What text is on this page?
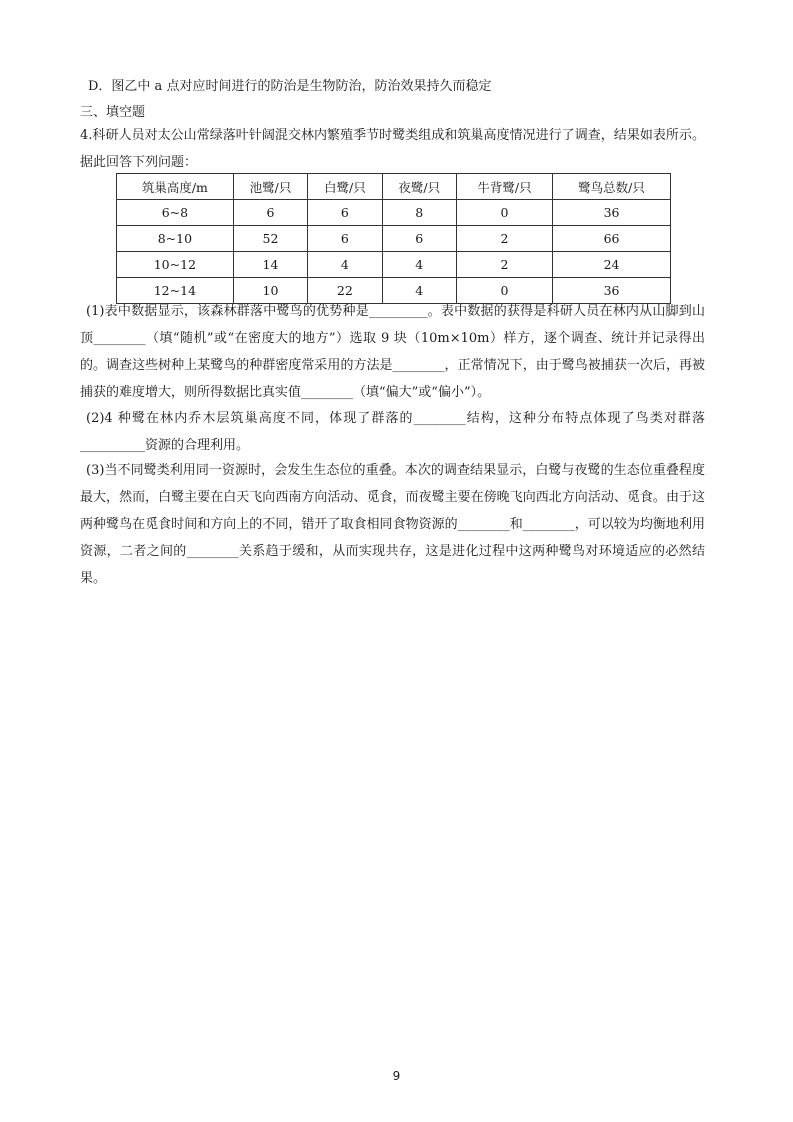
D．图乙中 a 点对应时间进行的防治是生物防治，防治效果持久而稳定
三、填空题
4.科研人员对太公山常绿落叶针阔混交林内繁殖季节时鹭类组成和筑巢高度情况进行了调查，结果如表所示。据此回答下列问题：
筑巢高度/m	池鹭/只	白鹭/只	夜鹭/只	牛背鹭/只	鹭鸟总数/只
6~8	6	6	8	0	36
8~10	52	6	6	2	66
10~12	14	4	4	2	24
12~14	10	22	4	0	36
(1)表中数据显示，该森林群落中鹭鸟的优势种是_________。表中数据的获得是科研人员在林内从山脚到山顶________（填“随机”或“在密度大的地方”）选取 9 块（10m×10m）样方，逐个调查、统计并记录得出的。调查这些树种上某鹭鸟的种群密度常采用的方法是________，正常情况下，由于鹭鸟被捕获一次后，再被捕获的难度增大，则所得数据比真实值________（填“偏大”或“偏小”）。
(2)4 种鹭在林内乔木层筑巢高度不同，体现了群落的________结构，这种分布特点体现了鸟类对群落__________资源的合理利用。
(3)当不同鹭类利用同一资源时，会发生生态位的重叠。本次的调查结果显示，白鹭与夜鹭的生态位重叠程度最大，然而，白鹭主要在白天飞向西南方向活动、觅食，而夜鹭主要在傍晚飞向西北方向活动、觅食。由于这两种鹭鸟在觅食时间和方向上的不同，错开了取食相同食物资源的________和________，可以较为均衡地利用资源，二者之间的________关系趋于缓和，从而实现共存，这是进化过程中这两种鹭鸟对环境适应的必然结果。
9
